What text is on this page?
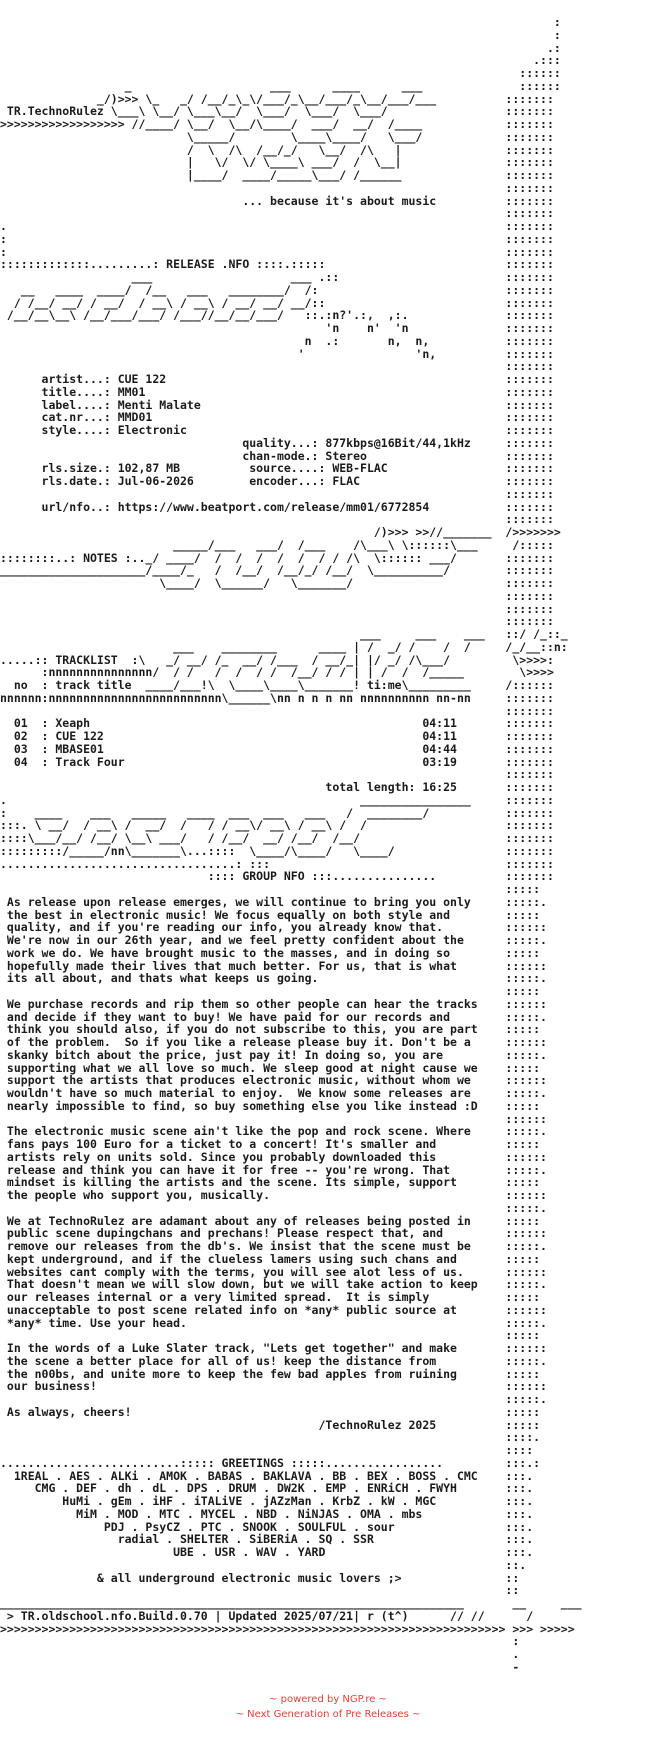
:
:
.:
.:::
::::::
_                    ___      ____      ___              ::::::
_/)>>> \_   _/ /__/_\_\/___/_\__/___/_\__/___/___          :::::::
TR.TechnoRulez \___\ \__/ \___\__/  \___/  \___/  \___/                 :::::::
>>>>>>>>>>>>>>>>>> //____/ \__/  \__/\____/  ___/  __/  /____            :::::::
\_____/        \____\____/   \___/            :::::::
/  \  /\  /__/_/   \__/  /\   |               :::::::
|   \/  \/ \____\ ___/  /  \__|               :::::::
|____/  ____/_____\___/ /______               :::::::
:::::::
... because it's about music          :::::::
:::::::
.                                                                        :::::::
:                                                                        :::::::
:                                                                        :::::::
:::::::::::::.........: RELEASE .NFO ::::.:::::                          :::::::
___                    ___ .::                        :::::::
__   ____  ____/  /__   ___   ________/  /:                           :::::::
/ /__/ __/ / __/  / __\ / __\ / __/ __/ __/::                          :::::::
/__/__\__\ /__/___/___/ /___//__/__/___/   ::.:n?'.:,  ,:.              :::::::
'n    n'  'n              :::::::
n  .:       n,  n,           :::::::
'                'n,          :::::::
:::::::
artist...: CUE 122                                                 :::::::
title....: MM01                                                    :::::::
label....: Menti Malate                                            :::::::
cat.nr...: MMD01                                                   :::::::
style....: Electronic                                              :::::::
quality...: 877kbps@16Bit/44,1kHz     :::::::
chan-mode.: Stereo                    :::::::
rls.size.: 102,87 MB          source....: WEB-FLAC                 :::::::
rls.date.: Jul-06-2026        encoder...: FLAC                     :::::::
:::::::
url/nfo..: https://www.beatport.com/release/mm01/6772854           :::::::
:::::::
/)>>> >>//_______  />>>>>>>
_____/___   ___/  /___    /\___\ \::::::\___     /:::::
::::::::..: NOTES :.._/ ____/  /  /  /  /  /  / / /\  \:::::: ___/       :::::::
_____________________/____/_   /  /__/  /__/_/ /__/  \__________/        :::::::
\____/  \______/   \_______/                      :::::::
:::::::
:::::::
:::::::
___     ___    ___   ::/ /_::_
___    ________      ____ | /  _/ /    /  /     /_/__::n:
.....:: TRACKLIST  :\   _/ __/ /_  __/ /___  / __/_| |/ _/ /\___/         \>>>>:
:nnnnnnnnnnnnnnn/  / /   /  /  / /  /__/ / / | | /  /  /_____        \>>>>
no  : track title  ____/___!\  \____\____\_______! ti:me\_________     /::::::
nnnnnn:nnnnnnnnnnnnnnnnnnnnnnnnn\______\nn n n n nn nnnnnnnnnn nn-nn     :::::::
:::::::
01  : Xeaph                                                04:11       :::::::
02  : CUE 122                                              04:11       :::::::
03  : MBASE01                                              04:44       :::::::
04  : Track Four                                           03:19       :::::::
:::::::
total length: 16:25       :::::::
.                                                   ________________     :::::::
:    ____    ___   _____   ____  ___  ___   ___   /  ________/           :::::::
:::. \ __/  / __\ /  __/  /   / / __\/ __\ / __\ /  /                    :::::::
::::\___/__/ /__/ \__\ ___/   / /__/  __/ /__/  /__/                     :::::::
:::::::::/_____/nn\_______\...::::  \____/\____/   \____/                :::::::
..................................: :::                                  :::::::
:::: GROUP NFO :::...............          :::::::
:::::
As release upon release emerges, we will continue to bring you only     :::::.
the best in electronic music! We focus equally on both style and        :::::
quality, and if you're reading our info, you already know that.         ::::::
We're now in our 26th year, and we feel pretty confident about the      :::::.
work we do. We have brought music to the masses, and in doing so        :::::
hopefully made their lives that much better. For us, that is what       ::::::
its all about, and thats what keeps us going.                           :::::.
:::::
We purchase records and rip them so other people can hear the tracks    ::::::
and decide if they want to buy! We have paid for our records and        :::::.
think you should also, if you do not subscribe to this, you are part    :::::
of the problem.  So if you like a release please buy it. Don't be a     ::::::
skanky bitch about the price, just pay it! In doing so, you are         :::::.
supporting what we all love so much. We sleep good at night cause we    :::::
support the artists that produces electronic music, without whom we     ::::::
wouldn't have so much material to enjoy.  We know some releases are     :::::.
nearly impossible to find, so buy something else you like instead :D    :::::
::::::
The electronic music scene ain't like the pop and rock scene. Where     :::::.
fans pays 100 Euro for a ticket to a concert! It's smaller and          :::::
artists rely on units sold. Since you probably downloaded this          ::::::
release and think you can have it for free -- you're wrong. That        :::::.
mindset is killing the artists and the scene. Its simple, support       :::::
the people who support you, musically.                                  ::::::
:::::.
We at TechnoRulez are adamant about any of releases being posted in     :::::
public scene dupingchans and prechans! Please respect that, and         ::::::
remove our releases from the db's. We insist that the scene must be     :::::.
kept underground, and if the clueless lamers using such chans and       :::::
websites cant comply with the terms, you will see alot less of us.      ::::::
That doesn't mean we will slow down, but we will take action to keep    :::::.
our releases internal or a very limited spread.  It is simply           :::::
unacceptable to post scene related info on *any* public source at       ::::::
*any* time. Use your head.                                              :::::.
:::::
In the words of a Luke Slater track, "Lets get together" and make       ::::::
the scene a better place for all of us! keep the distance from          :::::.
the n00bs, and unite more to keep the few bad apples from ruining       :::::
our business!                                                           ::::::
:::::.
As always, cheers!                                                      :::::
/TechnoRulez 2025          :::::
::::.
::::
..........................::::: GREETINGS :::::.................         :::.:
1REAL . AES . ALKi . AMOK . BABAS . BAKLAVA . BB . BEX . BOSS . CMC    :::.
CMG . DEF . dh . dL . DPS . DRUM . DW2K . EMP . ENRiCH . FWYH       :::.
HuMi . gEm . iHF . iTALiVE . jAZzMan . KrbZ . kW . MGC          :::.
MiM . MOD . MTC . MYCEL . NBD . NiNJAS . OMA . mbs            :::.
PDJ . PsyCZ . PTC . SNOOK . SOULFUL . sour                :::.
radial . SHELTER . SiBERiA . SQ . SSR                   :::.
UBE . USR . WAV . YARD                          :::.
::.
& all underground electronic music lovers ;>               ::
::
___________________________________________________________________       __     ___
> TR.oldschool.nfo.Build.0.70 | Updated 2025/07/21| r (t^)      // //      /
>>>>>>>>>>>>>>>>>>>>>>>>>>>>>>>>>>>>>>>>>>>>>>>>>>>>>>>>>>>>>>>>>>>>>>>>> >>> >>>>>
:
.
-
~ powered by NGP.re ~
~ Next Generation of Pre Releases ~
